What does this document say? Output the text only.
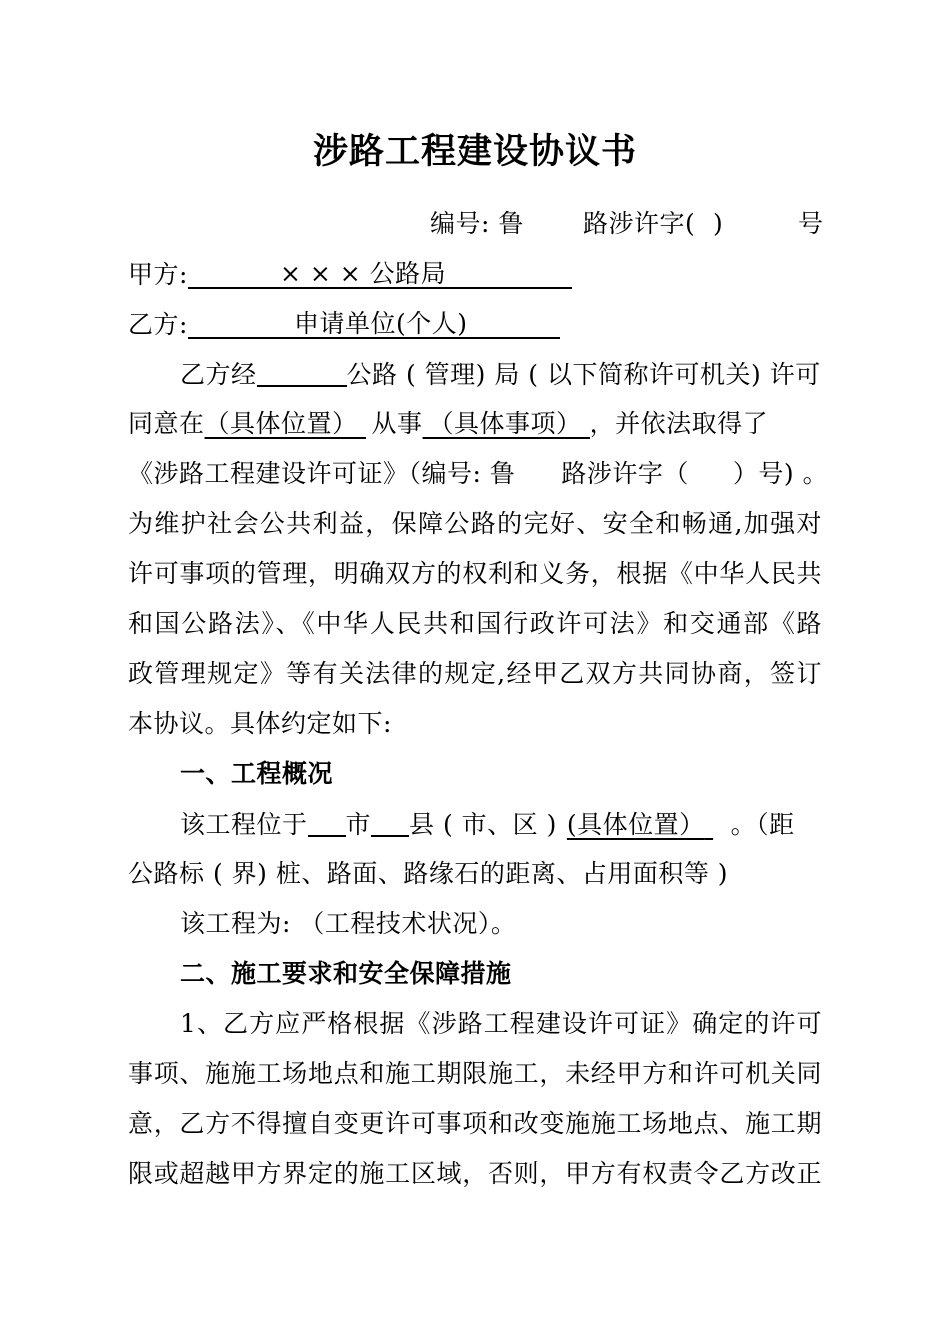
涉路工程建设协议书
编号: 鲁 路涉许字( )	号
甲方:	× × × 公路局
乙方:	申请单位(个人)
乙方经	公路 ( 管理) 局 ( 以下简称许可机关) 许可
同意在（具体位置） 从事 （具体事项） ，并依法取得了
《涉路工程建设许可证》（编号: 鲁 路涉许字（ ）号) 。
为维护社会公共利益，保障公路的完好、安全和畅通,加强对
许可事项的管理，明确双方的权利和义务，根据《中华人民共
和国公路法》、《中华人民共和国行政许可法》和交通部《路
政管理规定》等有关法律的规定,经甲乙双方共同协商，签订
本协议。具体约定如下:
一、工程概况
该工程位于 市 县 ( 市、区 ) (具体位置） 。（距
公路标 ( 界) 桩、路面、路缘石的距离、占用面积等 )
该工程为: （工程技术状况）。
二、施工要求和安全保障措施
1、乙方应严格根据《涉路工程建设许可证》确定的许可
事项、施施工场地点和施工期限施工，未经甲方和许可机关同
意，乙方不得擅自变更许可事项和改变施施工场地点、施工期
限或超越甲方界定的施工区域，否则，甲方有权责令乙方改正
